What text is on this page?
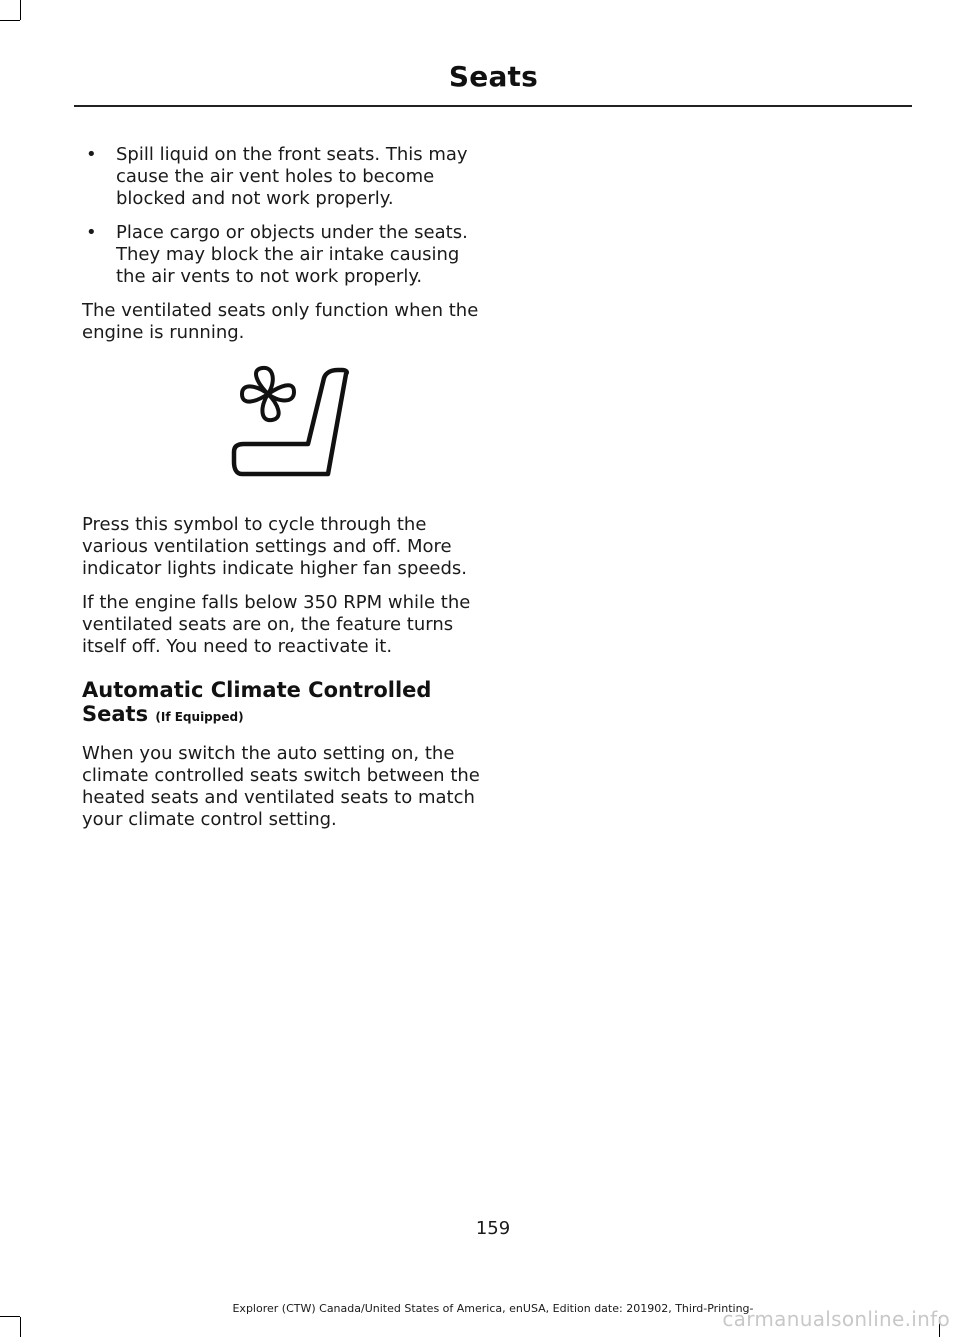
Seats
• Spill liquid on the front seats. This may cause the air vent holes to become blocked and not work properly.
• Place cargo or objects under the seats. They may block the air intake causing the air vents to not work properly.

The ventilated seats only function when the engine is running.

Press this symbol to cycle through the various ventilation settings and off. More indicator lights indicate higher fan speeds.

If the engine falls below 350 RPM while the ventilated seats are on, the feature turns itself off. You need to reactivate it.

Automatic Climate Controlled Seats (If Equipped)

When you switch the auto setting on, the climate controlled seats switch between the heated seats and ventilated seats to match your climate control setting.

159
Explorer (CTW) Canada/United States of America, enUSA, Edition date: 201902, Third-Printing-
carmanualsonline.info
